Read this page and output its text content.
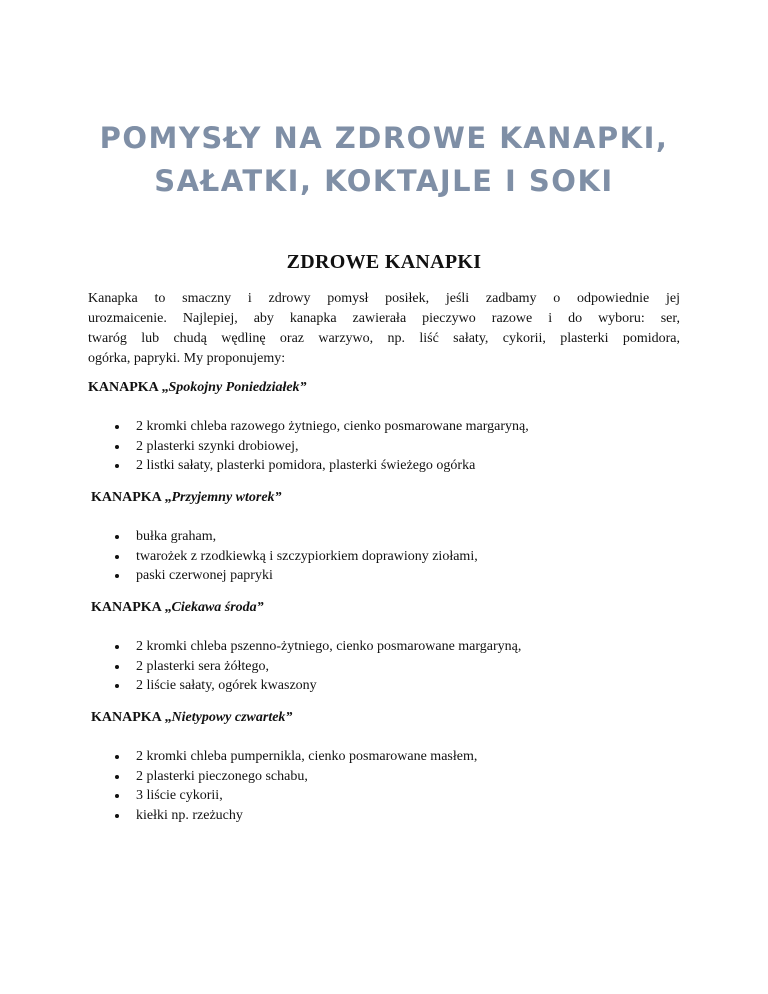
POMYSŁY NA ZDROWE KANAPKI,
SAŁATKI, KOKTAJLE I SOKI
ZDROWE KANAPKI

Kanapka to smaczny i zdrowy pomysł posiłek, jeśli zadbamy o odpowiednie jej
urozmaicenie. Najlepiej, aby kanapka zawierała pieczywo razowe i do wyboru: ser,
twaróg lub chudą wędlinę oraz warzywo, np. liść sałaty, cykorii, plasterki pomidora,
ogórka, papryki. My proponujemy:

KANAPKA „Spokojny Poniedziałek”
2 kromki chleba razowego żytniego, cienko posmarowane margaryną,
2 plasterki szynki drobiowej,
2 listki sałaty, plasterki pomidora, plasterki świeżego ogórka
KANAPKA „Przyjemny wtorek”
bułka graham,
twarożek z rzodkiewką i szczypiorkiem doprawiony ziołami,
paski czerwonej papryki
KANAPKA „Ciekawa środa”
2 kromki chleba pszenno-żytniego, cienko posmarowane margaryną,
2 plasterki sera żółtego,
2 liście sałaty, ogórek kwaszony
KANAPKA „Nietypowy czwartek”
2 kromki chleba pumpernikla, cienko posmarowane masłem,
2 plasterki pieczonego schabu,
3 liście cykorii,
kiełki np. rzeżuchy
